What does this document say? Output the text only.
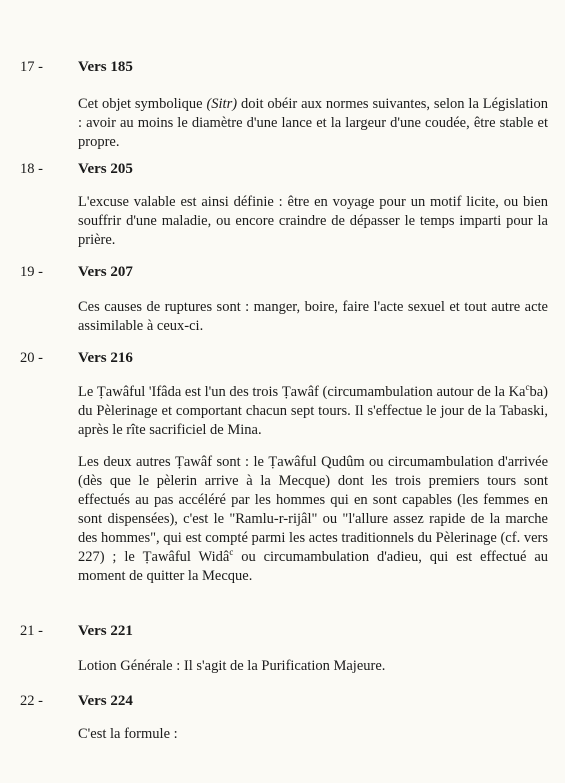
17 - Vers 185

Cet objet symbolique (Sitr) doit obéir aux normes suivantes, selon la Législation : avoir au moins le diamètre d'une lance et la largeur d'une coudée, être stable et propre.

18 - Vers 205

L'excuse valable est ainsi définie : être en voyage pour un motif licite, ou bien souffrir d'une maladie, ou encore craindre de dépasser le temps imparti pour la prière.

19 - Vers 207

Ces causes de ruptures sont : manger, boire, faire l'acte sexuel et tout autre acte assimilable à ceux-ci.

20 - Vers 216

Le Ṭawâful 'Ifâda est l'un des trois Ṭawâf (circumambulation autour de la Ka$^c$ba) du Pèlerinage et comportant chacun sept tours. Il s'effectue le jour de la Tabaski, après le rîte sacrificiel de Mina.

Les deux autres Ṭawâf sont : le Ṭawâful Qudûm ou circumambulation d'arrivée (dès que le pèlerin arrive à la Mecque) dont les trois premiers tours sont effectués au pas accéléré par les hommes qui en sont capables (les femmes en sont dispensées), c'est le "Ramlu-r-rijâl" ou "l'allure assez rapide de la marche des hommes", qui est compté parmi les actes traditionnels du Pèlerinage (cf. vers 227) ; le Ṭawâful Widâ$^c$ ou circumambulation d'adieu, qui est effectué au moment de quitter la Mecque.

21 - Vers 221

Lotion Générale : Il s'agit de la Purification Majeure.

22 - Vers 224

C'est la formule :
